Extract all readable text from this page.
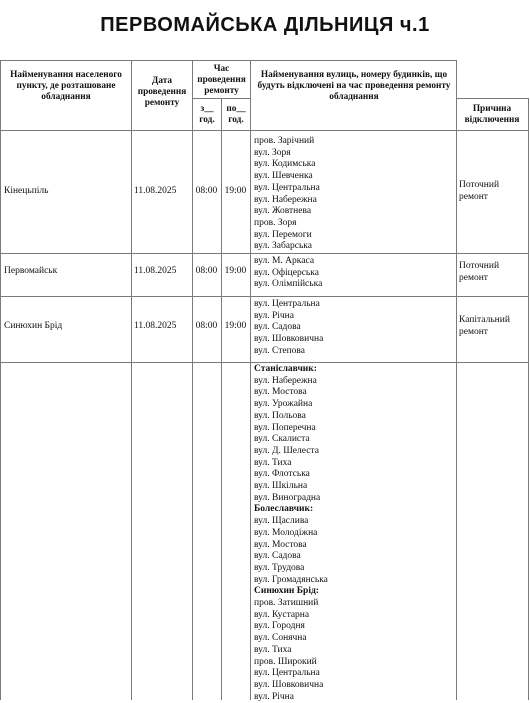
ПЕРВОМАЙСЬКА ДІЛЬНИЦЯ ч.1
Найменування населеного пункту, де розташоване обладнання
Дата проведення ремонту
Час проведення ремонту
з__ год.
по__ год.
Найменування вулиць, номеру будинків, що будуть відключені на час проведення ремонту обладнання
Причина відключення
Кінецьпіль	11.08.2025	08:00 19:00
пров. Зарічний
вул. Зоря
вул. Кодимська
вул. Шевченка
вул. Центральна
вул. Набережна
вул. Жовтнева
пров. Зоря
вул. Перемоги
вул. Забарська
Поточний ремонт
Первомайськ	11.08.2025	08:00 19:00
вул. М. Аркаса
вул. Офіцерська
вул. Олімпійська
Поточний ремонт
Синюхин Брід	11.08.2025	08:00 19:00
вул. Центральна
вул. Річна
вул. Садова
вул. Шовковична
вул. Степова
Капітальний ремонт
Станіславчик:
вул. Набережна
вул. Мостова
вул. Урожайна
вул. Польова
вул. Поперечна
вул. Скалиста
вул. Д. Шелеста
вул. Тиха
вул. Флотська
вул. Шкільна
вул. Виноградна
Болеславчик:
вул. Щаслива
вул. Молодіжна
вул. Мостова
вул. Садова
вул. Трудова
вул. Громадянська
Синюхин Брід:
пров. Затишний
вул. Кустарна
вул. Городня
вул. Сонячна
вул. Тиха
пров. Широкий
вул. Центральна
вул. Шовковична
вул. Річна
